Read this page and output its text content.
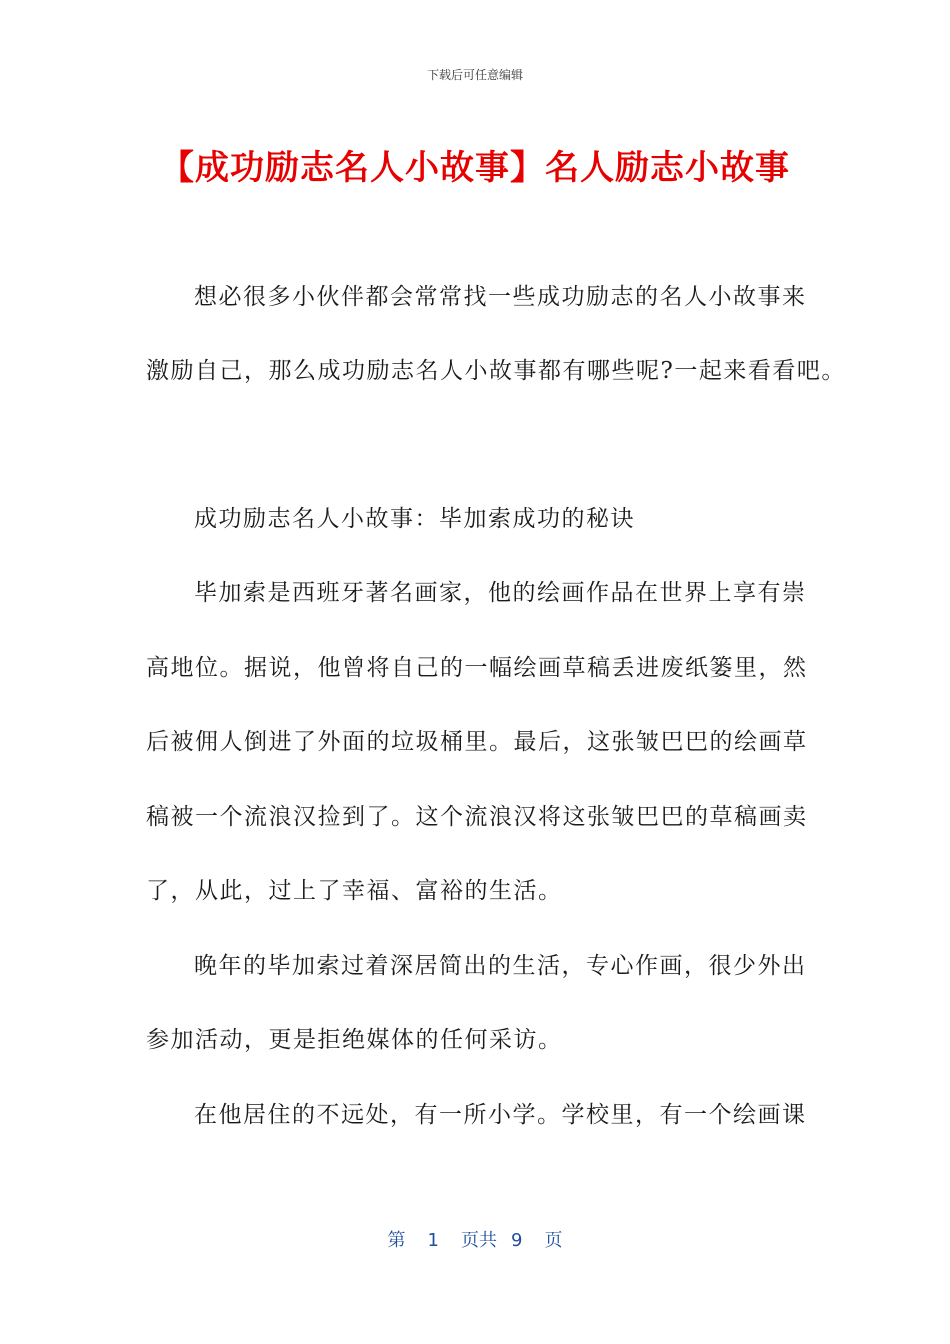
下载后可任意编辑
【成功励志名人小故事】名人励志小故事
想必很多小伙伴都会常常找一些成功励志的名人小故事来
激励自己，那么成功励志名人小故事都有哪些呢?一起来看看吧。
成功励志名人小故事：毕加索成功的秘诀
毕加索是西班牙著名画家，他的绘画作品在世界上享有崇
高地位。据说，他曾将自己的一幅绘画草稿丢进废纸篓里，然
后被佣人倒进了外面的垃圾桶里。最后，这张皱巴巴的绘画草
稿被一个流浪汉捡到了。这个流浪汉将这张皱巴巴的草稿画卖
了，从此，过上了幸福、富裕的生活。
晚年的毕加索过着深居简出的生活，专心作画，很少外出
参加活动，更是拒绝媒体的任何采访。
在他居住的不远处，有一所小学。学校里，有一个绘画课
第 1 页共 9 页
